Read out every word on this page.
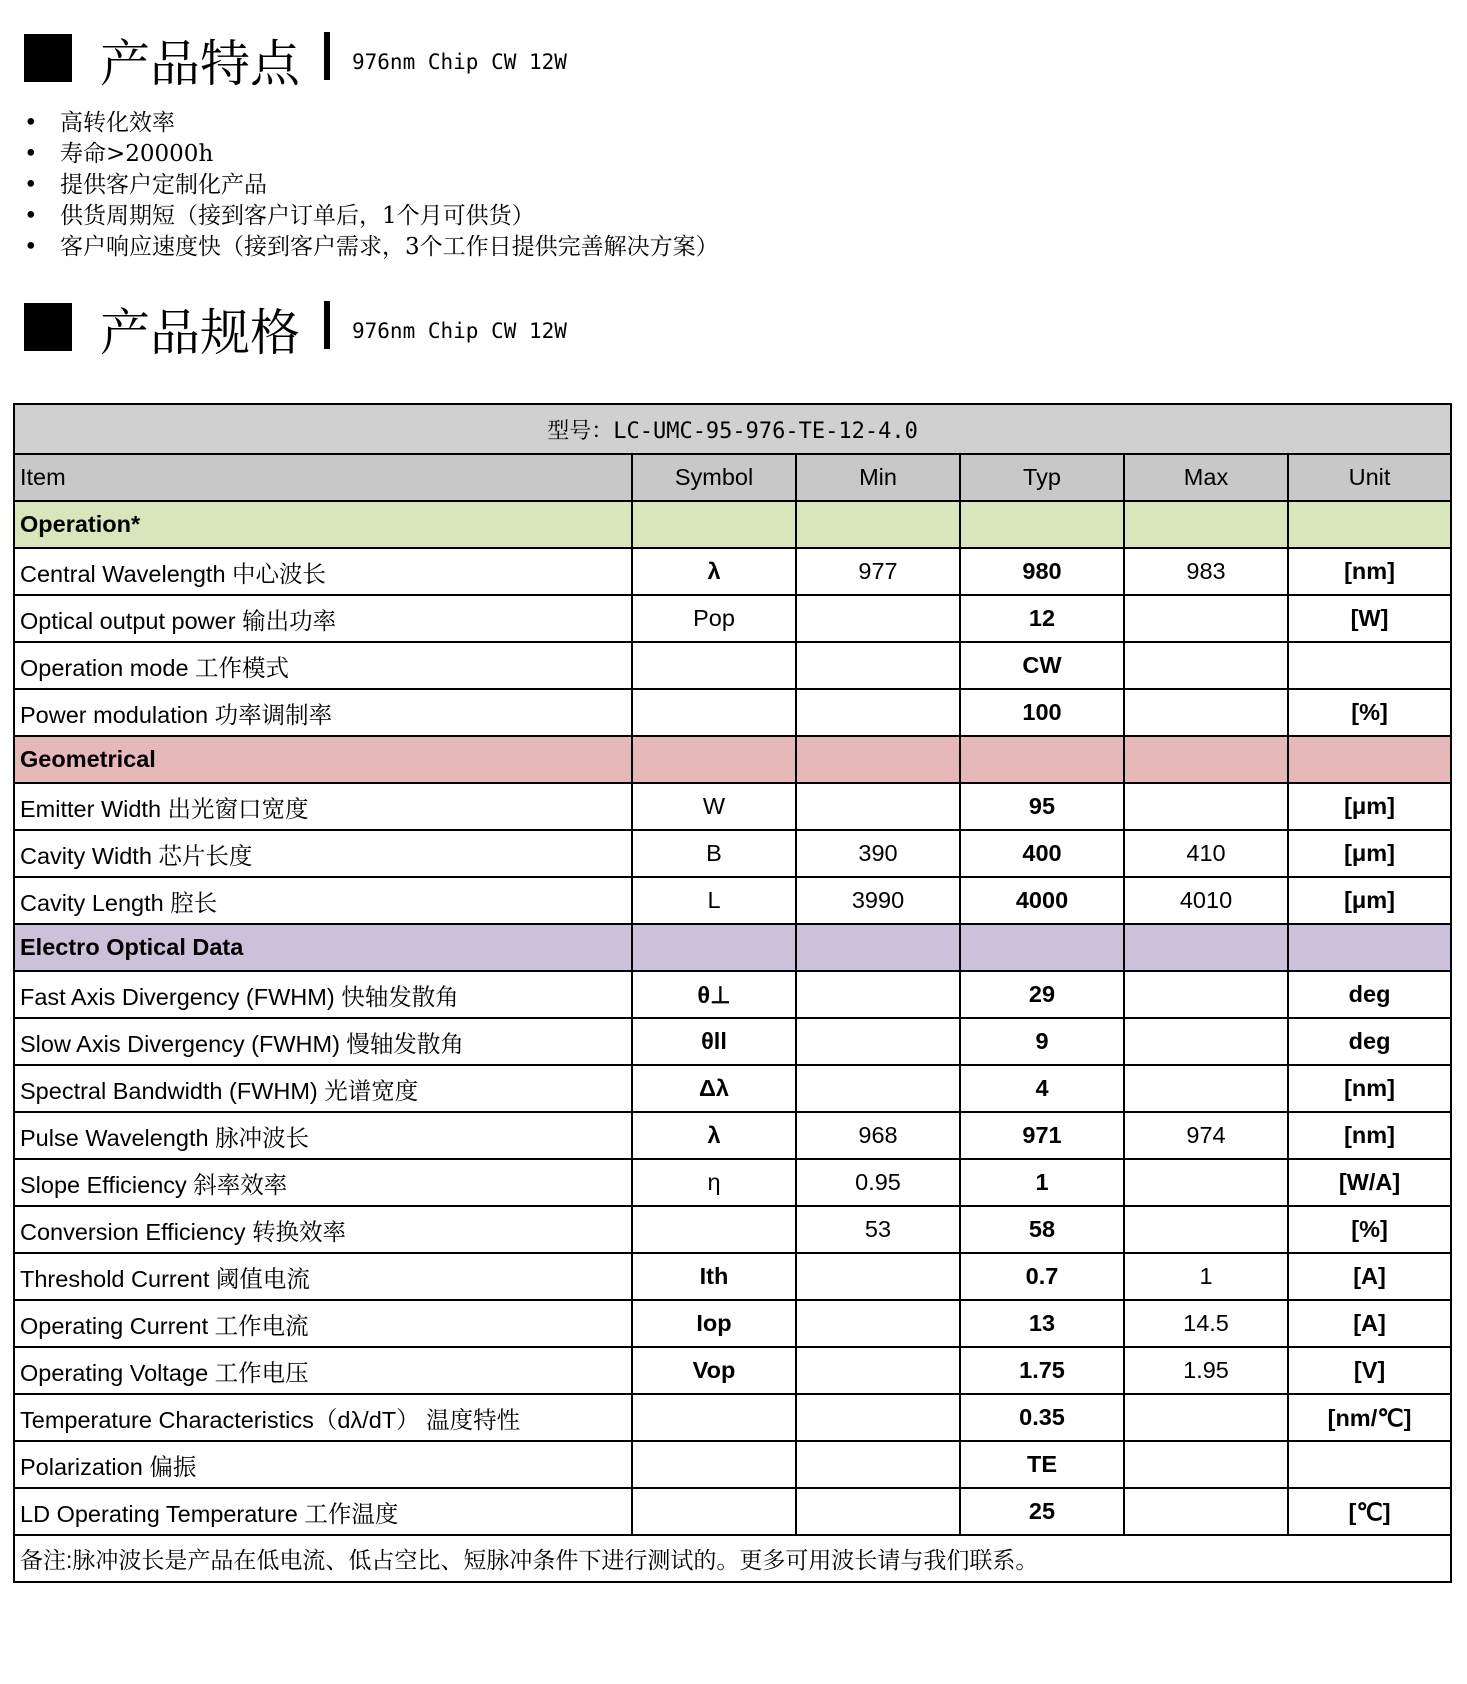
产品特点 976nm Chip CW 12W
• 高转化效率
• 寿命>20000h
• 提供客户定制化产品
• 供货周期短（接到客户订单后，1个月可供货）
• 客户响应速度快（接到客户需求，3个工作日提供完善解决方案）
产品规格 976nm Chip CW 12W
型号：LC-UMC-95-976-TE-12-4.0					
Item	Symbol	Min	Typ	Max	Unit
Operation*					
Central Wavelength 中心波长	λ	977	980	983	[nm]
Optical output power 输出功率	Pop		12		[W]
Operation mode 工作模式			CW		
Power modulation 功率调制率			100		[%]
Geometrical					
Emitter Width 出光窗口宽度	W		95		[μm]
Cavity Width 芯片长度	B	390	400	410	[μm]
Cavity Length 腔长	L	3990	4000	4010	[μm]
Electro Optical Data					
Fast Axis Divergency (FWHM) 快轴发散角	θ⊥		29		deg
Slow Axis Divergency (FWHM) 慢轴发散角	θll		9		deg
Spectral Bandwidth (FWHM) 光谱宽度	Δλ		4		[nm]
Pulse Wavelength 脉冲波长	λ	968	971	974	[nm]
Slope Efficiency 斜率效率	η	0.95	1		[W/A]
Conversion Efficiency 转换效率		53	58		[%]
Threshold Current 阈值电流	Ith		0.7	1	[A]
Operating Current 工作电流	Iop		13	14.5	[A]
Operating Voltage 工作电压	Vop		1.75	1.95	[V]
Temperature Characteristics（dλ/dT） 温度特性			0.35		[nm/℃]
Polarization 偏振			TE		
LD Operating Temperature 工作温度			25		[℃]
备注:脉冲波长是产品在低电流、低占空比、短脉冲条件下进行测试的。更多可用波长请与我们联系。					
